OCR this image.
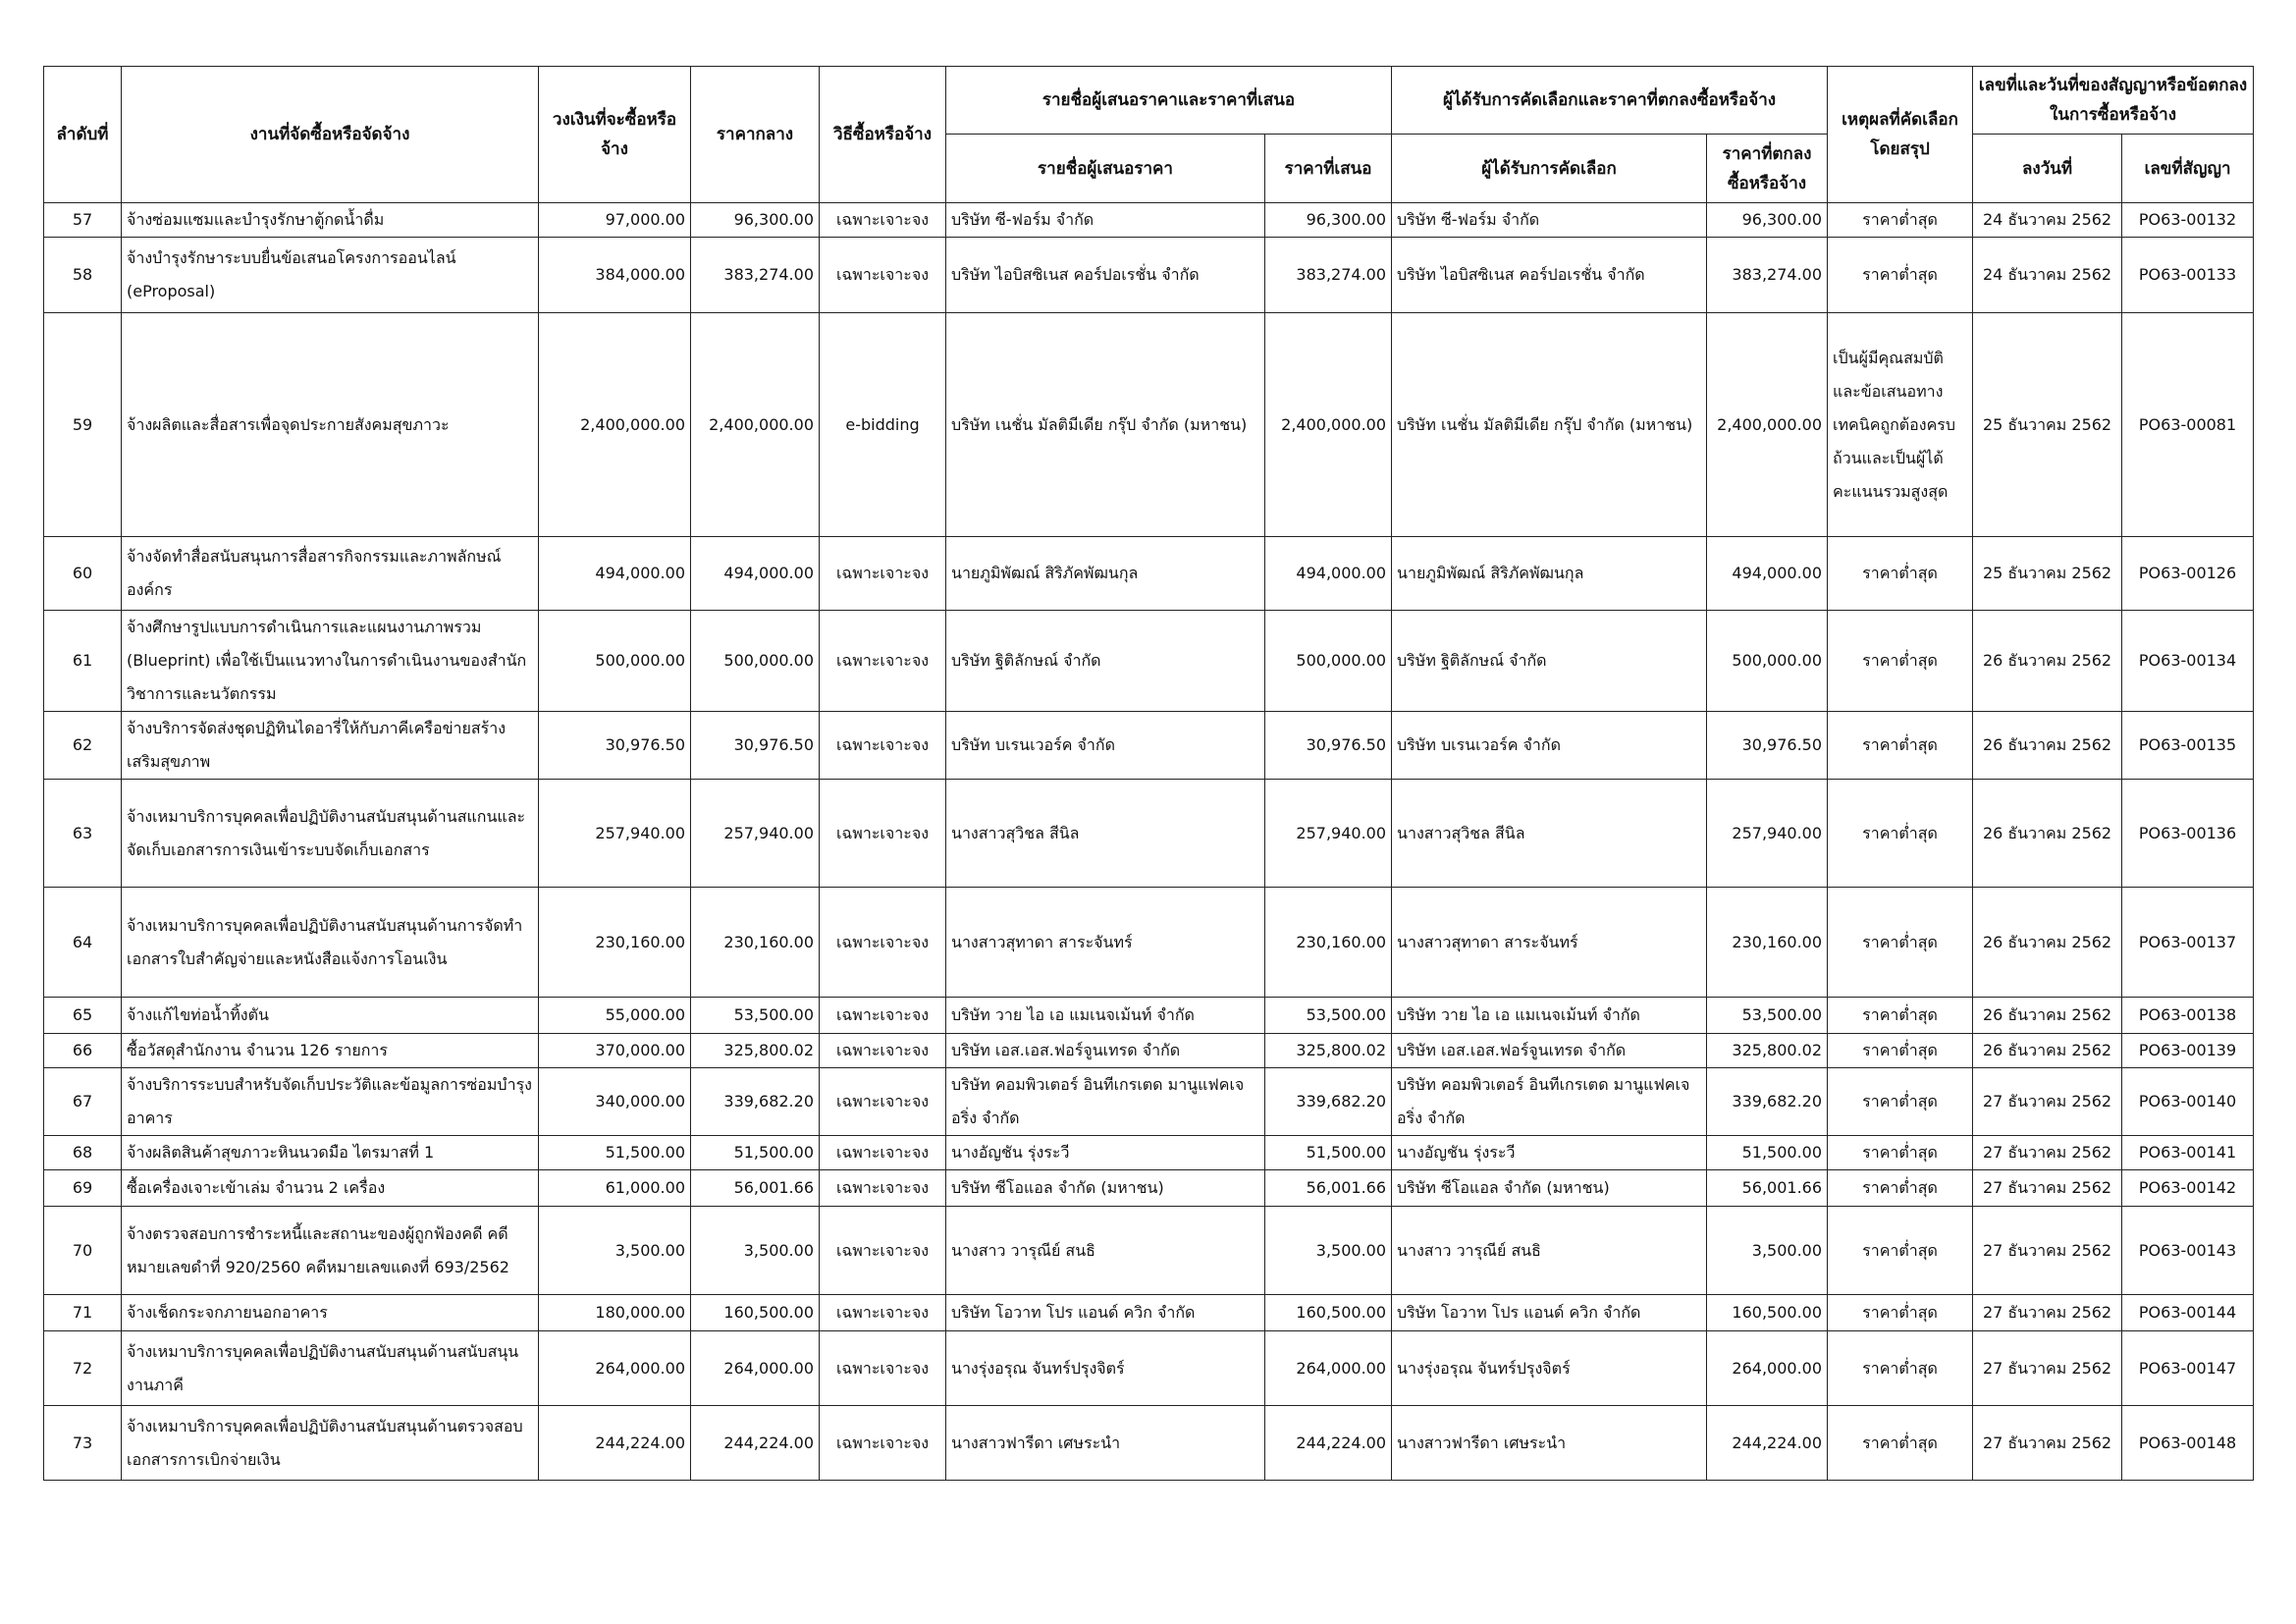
ลำดับที่	งานที่จัดซื้อหรือจัดจ้าง	วงเงินที่จะซื้อหรือจ้าง	ราคากลาง	วิธีซื้อหรือจ้าง	รายชื่อผู้เสนอราคาและราคาที่เสนอ		ผู้ได้รับการคัดเลือกและราคาที่ตกลงซื้อหรือจ้าง		เหตุผลที่คัดเลือกโดยสรุป	เลขที่และวันที่ของสัญญาหรือข้อตกลงในการซื้อหรือจ้าง	
					รายชื่อผู้เสนอราคา	ราคาที่เสนอ	ผู้ได้รับการคัดเลือก	ราคาที่ตกลงซื้อหรือจ้าง		ลงวันที่	เลขที่สัญญา
57	จ้างซ่อมแซมและบำรุงรักษาตู้กดน้ำดื่ม	97,000.00	96,300.00	เฉพาะเจาะจง	บริษัท ซี-ฟอร์ม จำกัด	96,300.00	บริษัท ซี-ฟอร์ม จำกัด	96,300.00	ราคาต่ำสุด	24 ธันวาคม 2562	PO63-00132
58	จ้างบำรุงรักษาระบบยื่นข้อเสนอโครงการออนไลน์ (eProposal)	384,000.00	383,274.00	เฉพาะเจาะจง	บริษัท ไอบิสซิเนส คอร์ปอเรชั่น จำกัด	383,274.00	บริษัท ไอบิสซิเนส คอร์ปอเรชั่น จำกัด	383,274.00	ราคาต่ำสุด	24 ธันวาคม 2562	PO63-00133
59	จ้างผลิตและสื่อสารเพื่อจุดประกายสังคมสุขภาวะ	2,400,000.00	2,400,000.00	e-bidding	บริษัท เนชั่น มัลติมีเดีย กรุ๊ป จำกัด (มหาชน)	2,400,000.00	บริษัท เนชั่น มัลติมีเดีย กรุ๊ป จำกัด (มหาชน)	2,400,000.00	เป็นผู้มีคุณสมบัติและข้อเสนอทางเทคนิคถูกต้องครบถ้วนและเป็นผู้ได้คะแนนรวมสูงสุด	25 ธันวาคม 2562	PO63-00081
60	จ้างจัดทำสื่อสนับสนุนการสื่อสารกิจกรรมและภาพลักษณ์องค์กร	494,000.00	494,000.00	เฉพาะเจาะจง	นายภูมิพัฒณ์ สิริภัคพัฒนกุล	494,000.00	นายภูมิพัฒณ์ สิริภัคพัฒนกุล	494,000.00	ราคาต่ำสุด	25 ธันวาคม 2562	PO63-00126
61	จ้างศึกษารูปแบบการดำเนินการและแผนงานภาพรวม (Blueprint) เพื่อใช้เป็นแนวทางในการดำเนินงานของสำนักวิชาการและนวัตกรรม	500,000.00	500,000.00	เฉพาะเจาะจง	บริษัท ฐิติลักษณ์ จำกัด	500,000.00	บริษัท ฐิติลักษณ์ จำกัด	500,000.00	ราคาต่ำสุด	26 ธันวาคม 2562	PO63-00134
62	จ้างบริการจัดส่งชุดปฏิทินไดอารี่ให้กับภาคีเครือข่ายสร้างเสริมสุขภาพ	30,976.50	30,976.50	เฉพาะเจาะจง	บริษัท บเรนเวอร์ค จำกัด	30,976.50	บริษัท บเรนเวอร์ค จำกัด	30,976.50	ราคาต่ำสุด	26 ธันวาคม 2562	PO63-00135
63	จ้างเหมาบริการบุคคลเพื่อปฏิบัติงานสนับสนุนด้านสแกนและจัดเก็บเอกสารการเงินเข้าระบบจัดเก็บเอกสาร	257,940.00	257,940.00	เฉพาะเจาะจง	นางสาวสุวิชล สีนิล	257,940.00	นางสาวสุวิชล สีนิล	257,940.00	ราคาต่ำสุด	26 ธันวาคม 2562	PO63-00136
64	จ้างเหมาบริการบุคคลเพื่อปฏิบัติงานสนับสนุนด้านการจัดทำเอกสารใบสำคัญจ่ายและหนังสือแจ้งการโอนเงิน	230,160.00	230,160.00	เฉพาะเจาะจง	นางสาวสุทาดา สาระจันทร์	230,160.00	นางสาวสุทาดา สาระจันทร์	230,160.00	ราคาต่ำสุด	26 ธันวาคม 2562	PO63-00137
65	จ้างแก้ไขท่อน้ำทิ้งตัน	55,000.00	53,500.00	เฉพาะเจาะจง	บริษัท วาย ไอ เอ แมเนจเม้นท์ จำกัด	53,500.00	บริษัท วาย ไอ เอ แมเนจเม้นท์ จำกัด	53,500.00	ราคาต่ำสุด	26 ธันวาคม 2562	PO63-00138
66	ซื้อวัสดุสำนักงาน จำนวน 126 รายการ	370,000.00	325,800.02	เฉพาะเจาะจง	บริษัท เอส.เอส.ฟอร์จูนเทรด จำกัด	325,800.02	บริษัท เอส.เอส.ฟอร์จูนเทรด จำกัด	325,800.02	ราคาต่ำสุด	26 ธันวาคม 2562	PO63-00139
67	จ้างบริการระบบสำหรับจัดเก็บประวัติและข้อมูลการซ่อมบำรุงอาคาร	340,000.00	339,682.20	เฉพาะเจาะจง	บริษัท คอมพิวเตอร์ อินทีเกรเตด มานูแฟคเจอริ่ง จำกัด	339,682.20	บริษัท คอมพิวเตอร์ อินทีเกรเตด มานูแฟคเจอริ่ง จำกัด	339,682.20	ราคาต่ำสุด	27 ธันวาคม 2562	PO63-00140
68	จ้างผลิตสินค้าสุขภาวะหินนวดมือ ไตรมาสที่ 1	51,500.00	51,500.00	เฉพาะเจาะจง	นางอัญชัน รุ่งระวี	51,500.00	นางอัญชัน รุ่งระวี	51,500.00	ราคาต่ำสุด	27 ธันวาคม 2562	PO63-00141
69	ซื้อเครื่องเจาะเข้าเล่ม จำนวน 2 เครื่อง	61,000.00	56,001.66	เฉพาะเจาะจง	บริษัท ซีโอแอล จำกัด (มหาชน)	56,001.66	บริษัท ซีโอแอล จำกัด (มหาชน)	56,001.66	ราคาต่ำสุด	27 ธันวาคม 2562	PO63-00142
70	จ้างตรวจสอบการชำระหนี้และสถานะของผู้ถูกฟ้องคดี คดีหมายเลขดำที่ 920/2560 คดีหมายเลขแดงที่ 693/2562	3,500.00	3,500.00	เฉพาะเจาะจง	นางสาว วารุณีย์ สนธิ	3,500.00	นางสาว วารุณีย์ สนธิ	3,500.00	ราคาต่ำสุด	27 ธันวาคม 2562	PO63-00143
71	จ้างเช็ดกระจกภายนอกอาคาร	180,000.00	160,500.00	เฉพาะเจาะจง	บริษัท โอวาท โปร แอนด์ ควิก จำกัด	160,500.00	บริษัท โอวาท โปร แอนด์ ควิก จำกัด	160,500.00	ราคาต่ำสุด	27 ธันวาคม 2562	PO63-00144
72	จ้างเหมาบริการบุคคลเพื่อปฏิบัติงานสนับสนุนด้านสนับสนุนงานภาคี	264,000.00	264,000.00	เฉพาะเจาะจง	นางรุ่งอรุณ จันทร์ปรุงจิตร์	264,000.00	นางรุ่งอรุณ จันทร์ปรุงจิตร์	264,000.00	ราคาต่ำสุด	27 ธันวาคม 2562	PO63-00147
73	จ้างเหมาบริการบุคคลเพื่อปฏิบัติงานสนับสนุนด้านตรวจสอบเอกสารการเบิกจ่ายเงิน	244,224.00	244,224.00	เฉพาะเจาะจง	นางสาวฟารีดา เศษระนำ	244,224.00	นางสาวฟารีดา เศษระนำ	244,224.00	ราคาต่ำสุด	27 ธันวาคม 2562	PO63-00148
